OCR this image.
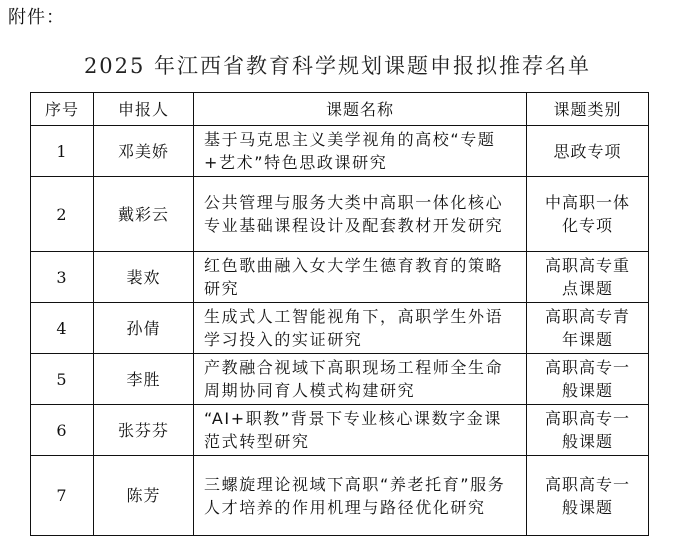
附件：
2025 年江西省教育科学规划课题申报拟推荐名单
序号	申报人	课题名称	课题类别
1	邓美娇	基于马克思主义美学视角的高校“专题+艺术”特色思政课研究	思政专项
2	戴彩云	公共管理与服务大类中高职一体化核心专业基础课程设计及配套教材开发研究	中高职一体化专项
3	裴欢	红色歌曲融入女大学生德育教育的策略研究	高职高专重点课题
4	孙倩	生成式人工智能视角下，高职学生外语学习投入的实证研究	高职高专青年课题
5	李胜	产教融合视域下高职现场工程师全生命周期协同育人模式构建研究	高职高专一般课题
6	张芬芬	“AI+职教”背景下专业核心课数字金课范式转型研究	高职高专一般课题
7	陈芳	三螺旋理论视域下高职“养老托育”服务人才培养的作用机理与路径优化研究	高职高专一般课题
